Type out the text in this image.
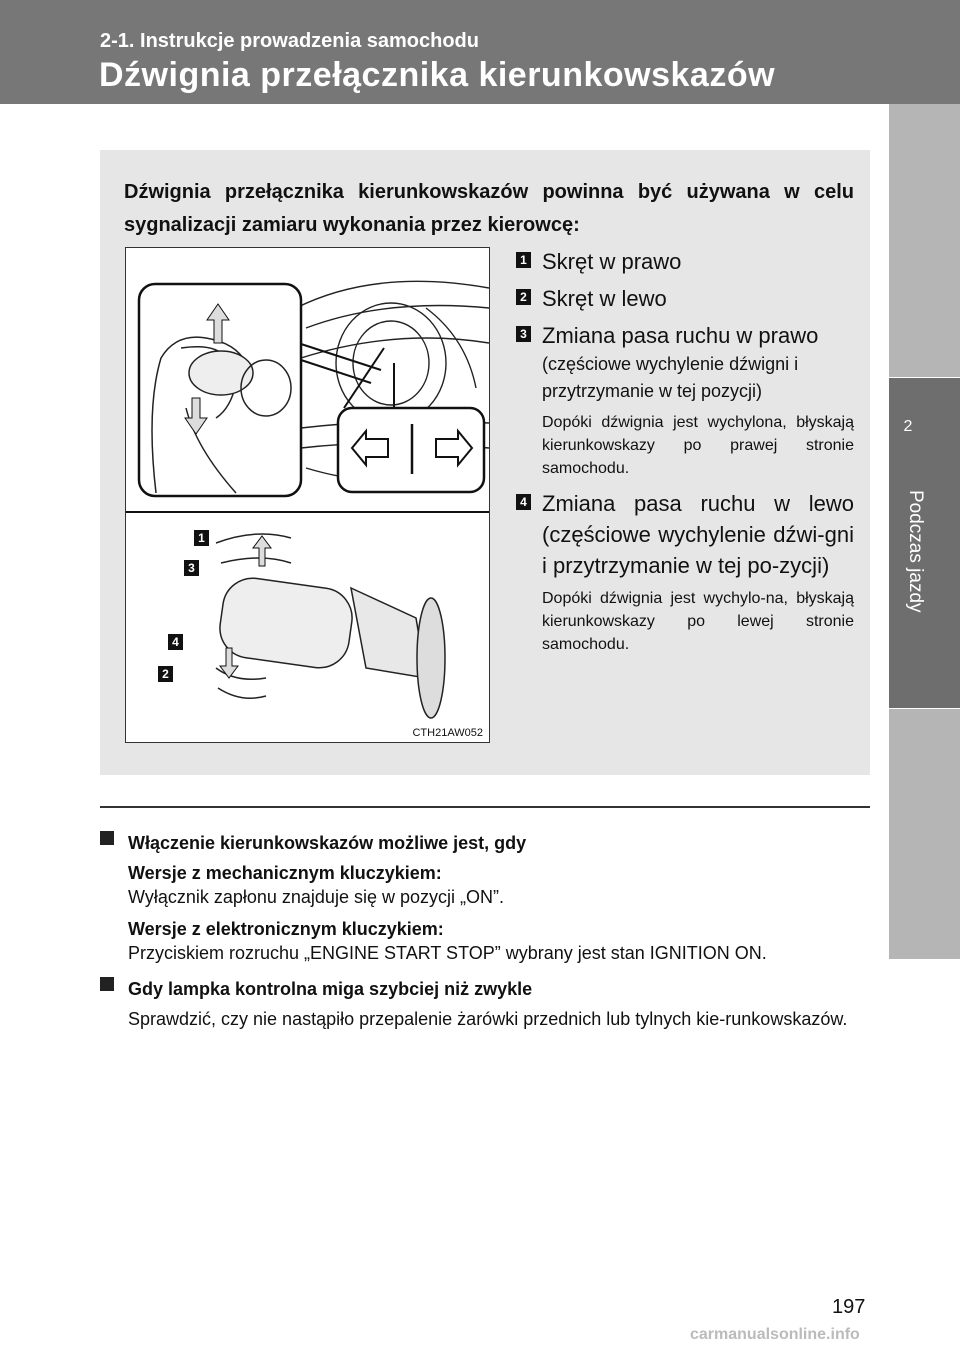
2-1. Instrukcje prowadzenia samochodu
Dźwignia przełącznika kierunkowskazów
2
Podczas jazdy
Dźwignia przełącznika kierunkowskazów powinna być używana w celu sygnalizacji zamiaru wykonania przez kierowcę:
1
3
4
2
CTH21AW052
1 Skręt w prawo
2 Skręt w lewo
3 Zmiana pasa ruchu w prawo
(częściowe wychylenie dźwigni i przytrzymanie w tej pozycji)
Dopóki dźwignia jest wychylona, błyskają kierunkowskazy po prawej stronie samochodu.
4 Zmiana pasa ruchu w lewo (częściowe wychylenie dźwi-gni i przytrzymanie w tej po-zycji)
Dopóki dźwignia jest wychylo-na, błyskają kierunkowskazy po lewej stronie samochodu.
Włączenie kierunkowskazów możliwe jest, gdy
Wersje z mechanicznym kluczykiem:
Wyłącznik zapłonu znajduje się w pozycji „ON”.
Wersje z elektronicznym kluczykiem:
Przyciskiem rozruchu „ENGINE START STOP” wybrany jest stan IGNITION ON.
Gdy lampka kontrolna miga szybciej niż zwykle
Sprawdzić, czy nie nastąpiło przepalenie żarówki przednich lub tylnych kie-runkowskazów.
197
carmanualsonline.info
